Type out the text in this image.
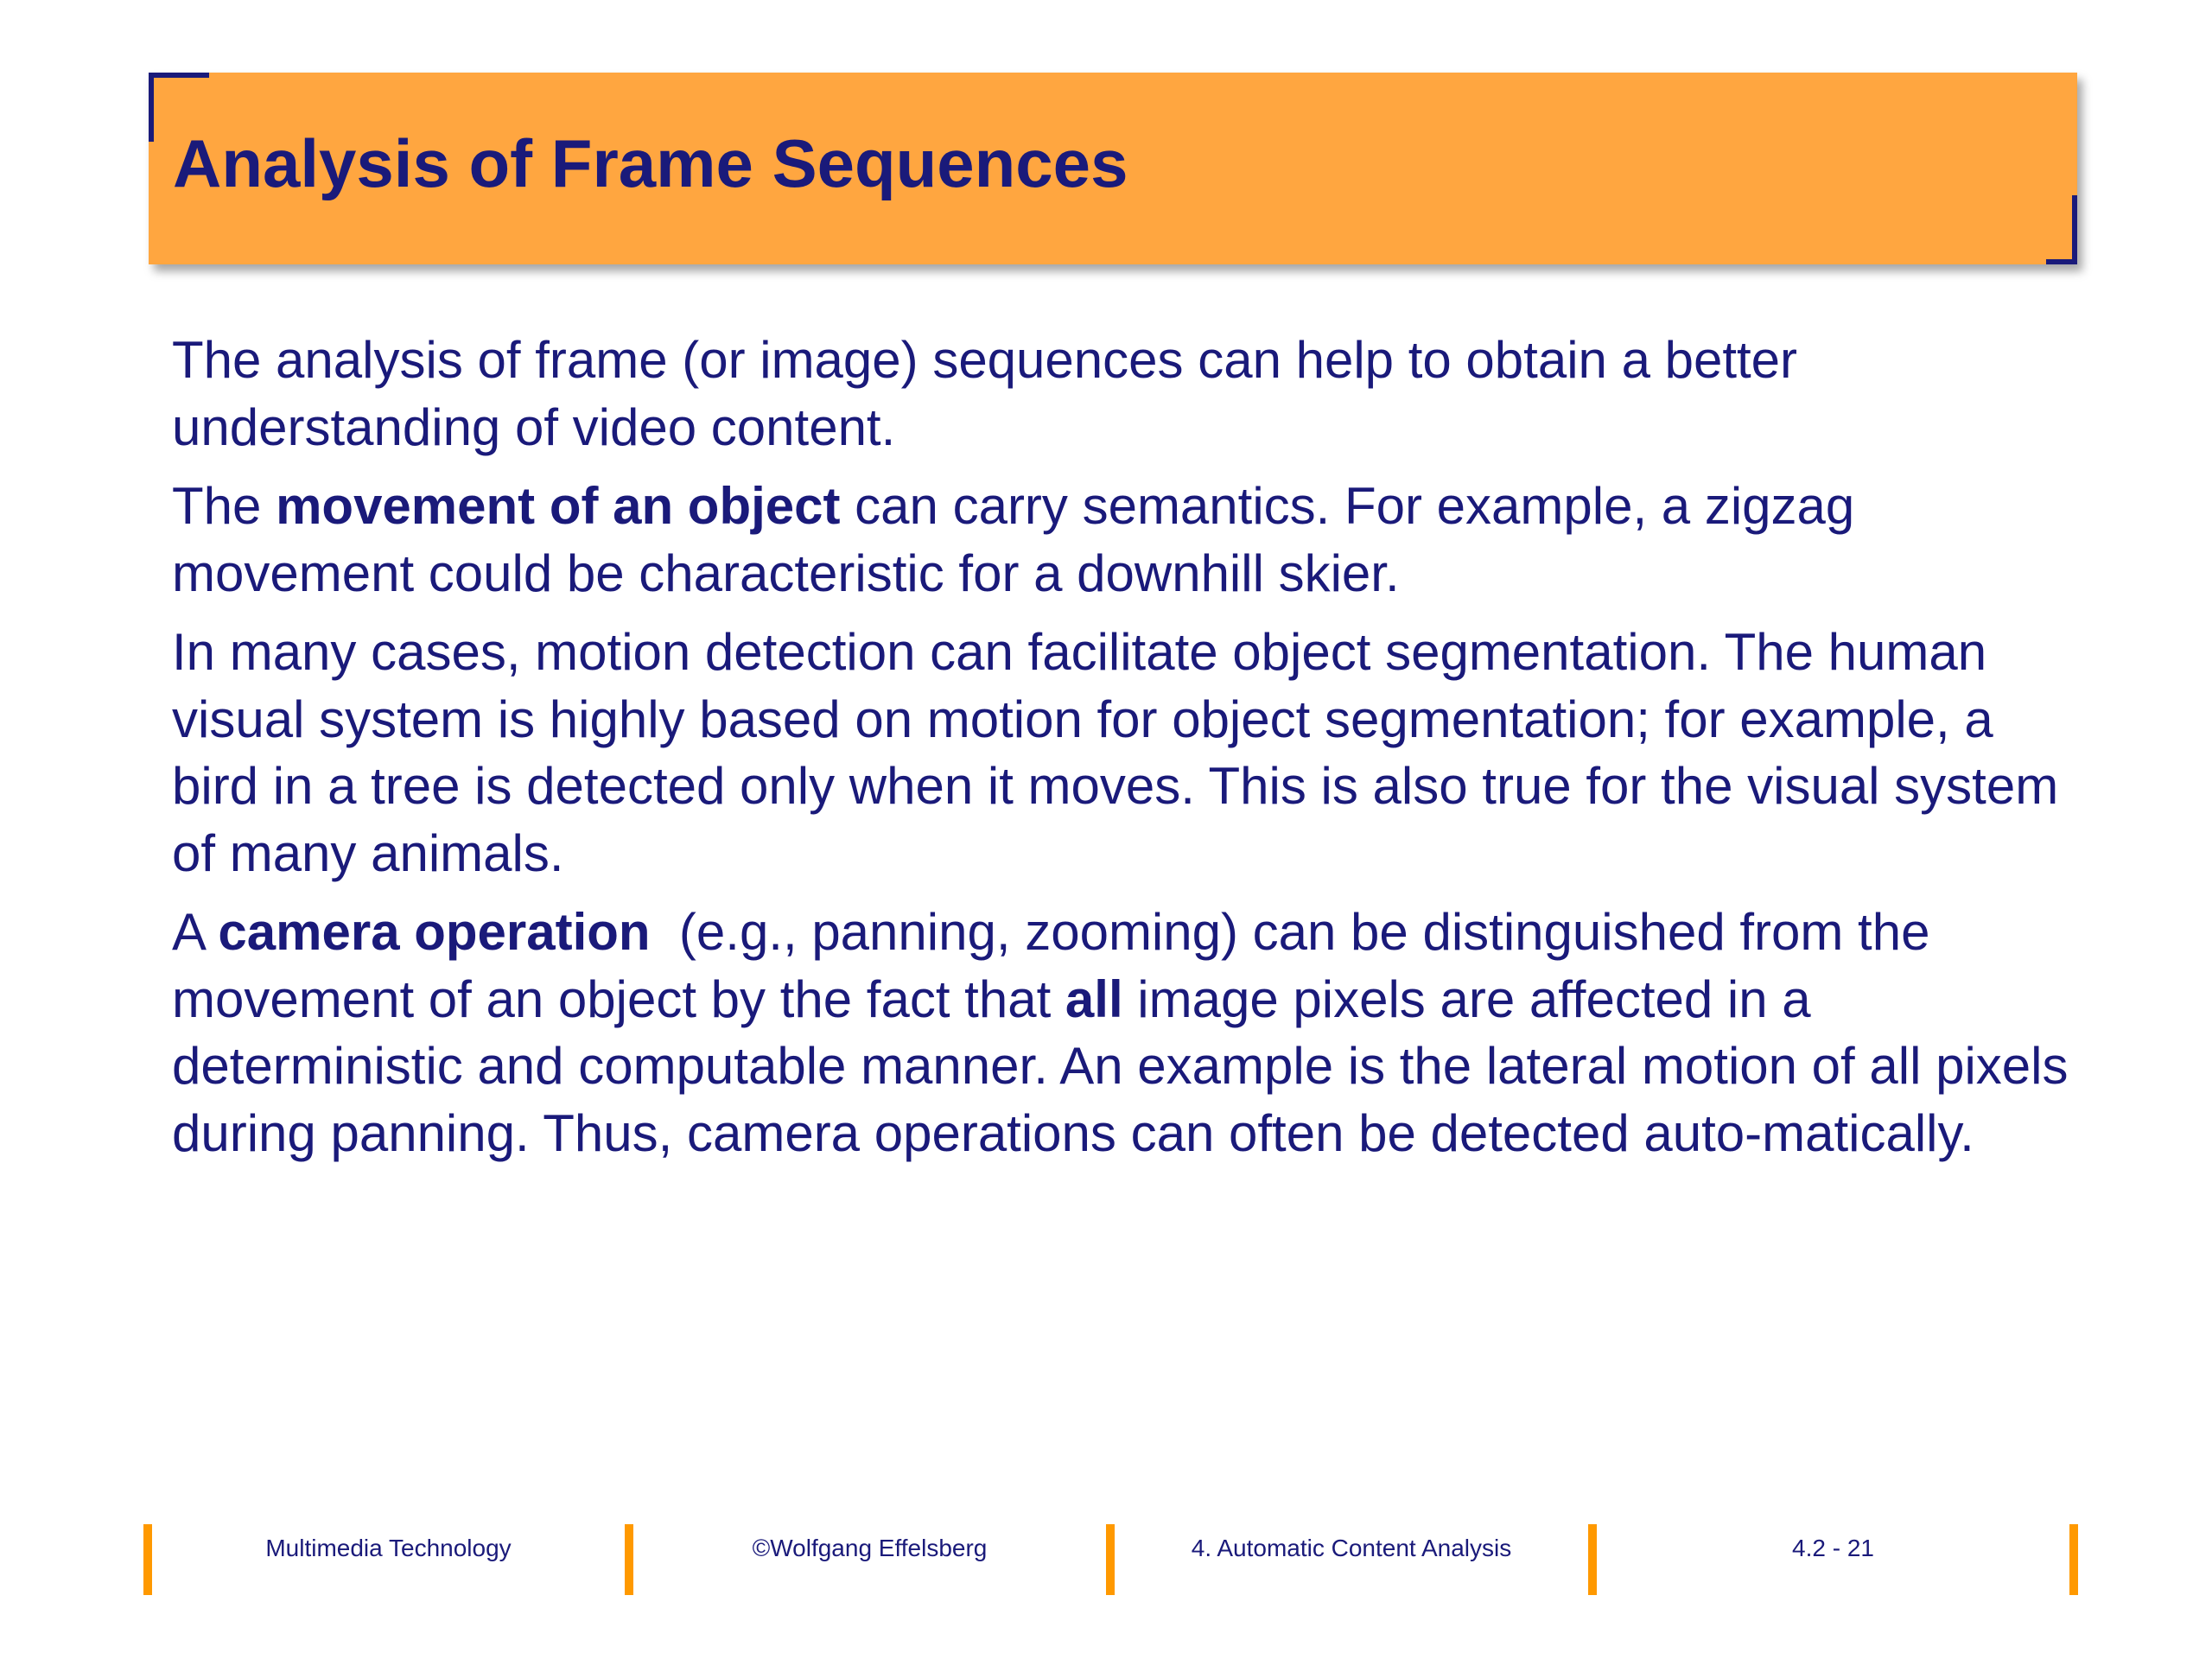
Analysis of Frame Sequences

The analysis of frame (or image) sequences can help to obtain a better understanding of video content.

The movement of an object can carry semantics. For example, a zigzag movement could be characteristic for a downhill skier.

In many cases, motion detection can facilitate object segmentation. The human visual system is highly based on motion for object segmentation; for example, a bird in a tree is detected only when it moves. This is also true for the visual system of many animals.

A camera operation  (e.g., panning, zooming) can be distinguished from the movement of an object by the fact that all image pixels are affected in a deterministic and computable manner. An example is the lateral motion of all pixels during panning. Thus, camera operations can often be detected auto-matically.

Multimedia Technology	©Wolfgang Effelsberg	4. Automatic Content Analysis	4.2 - 21
